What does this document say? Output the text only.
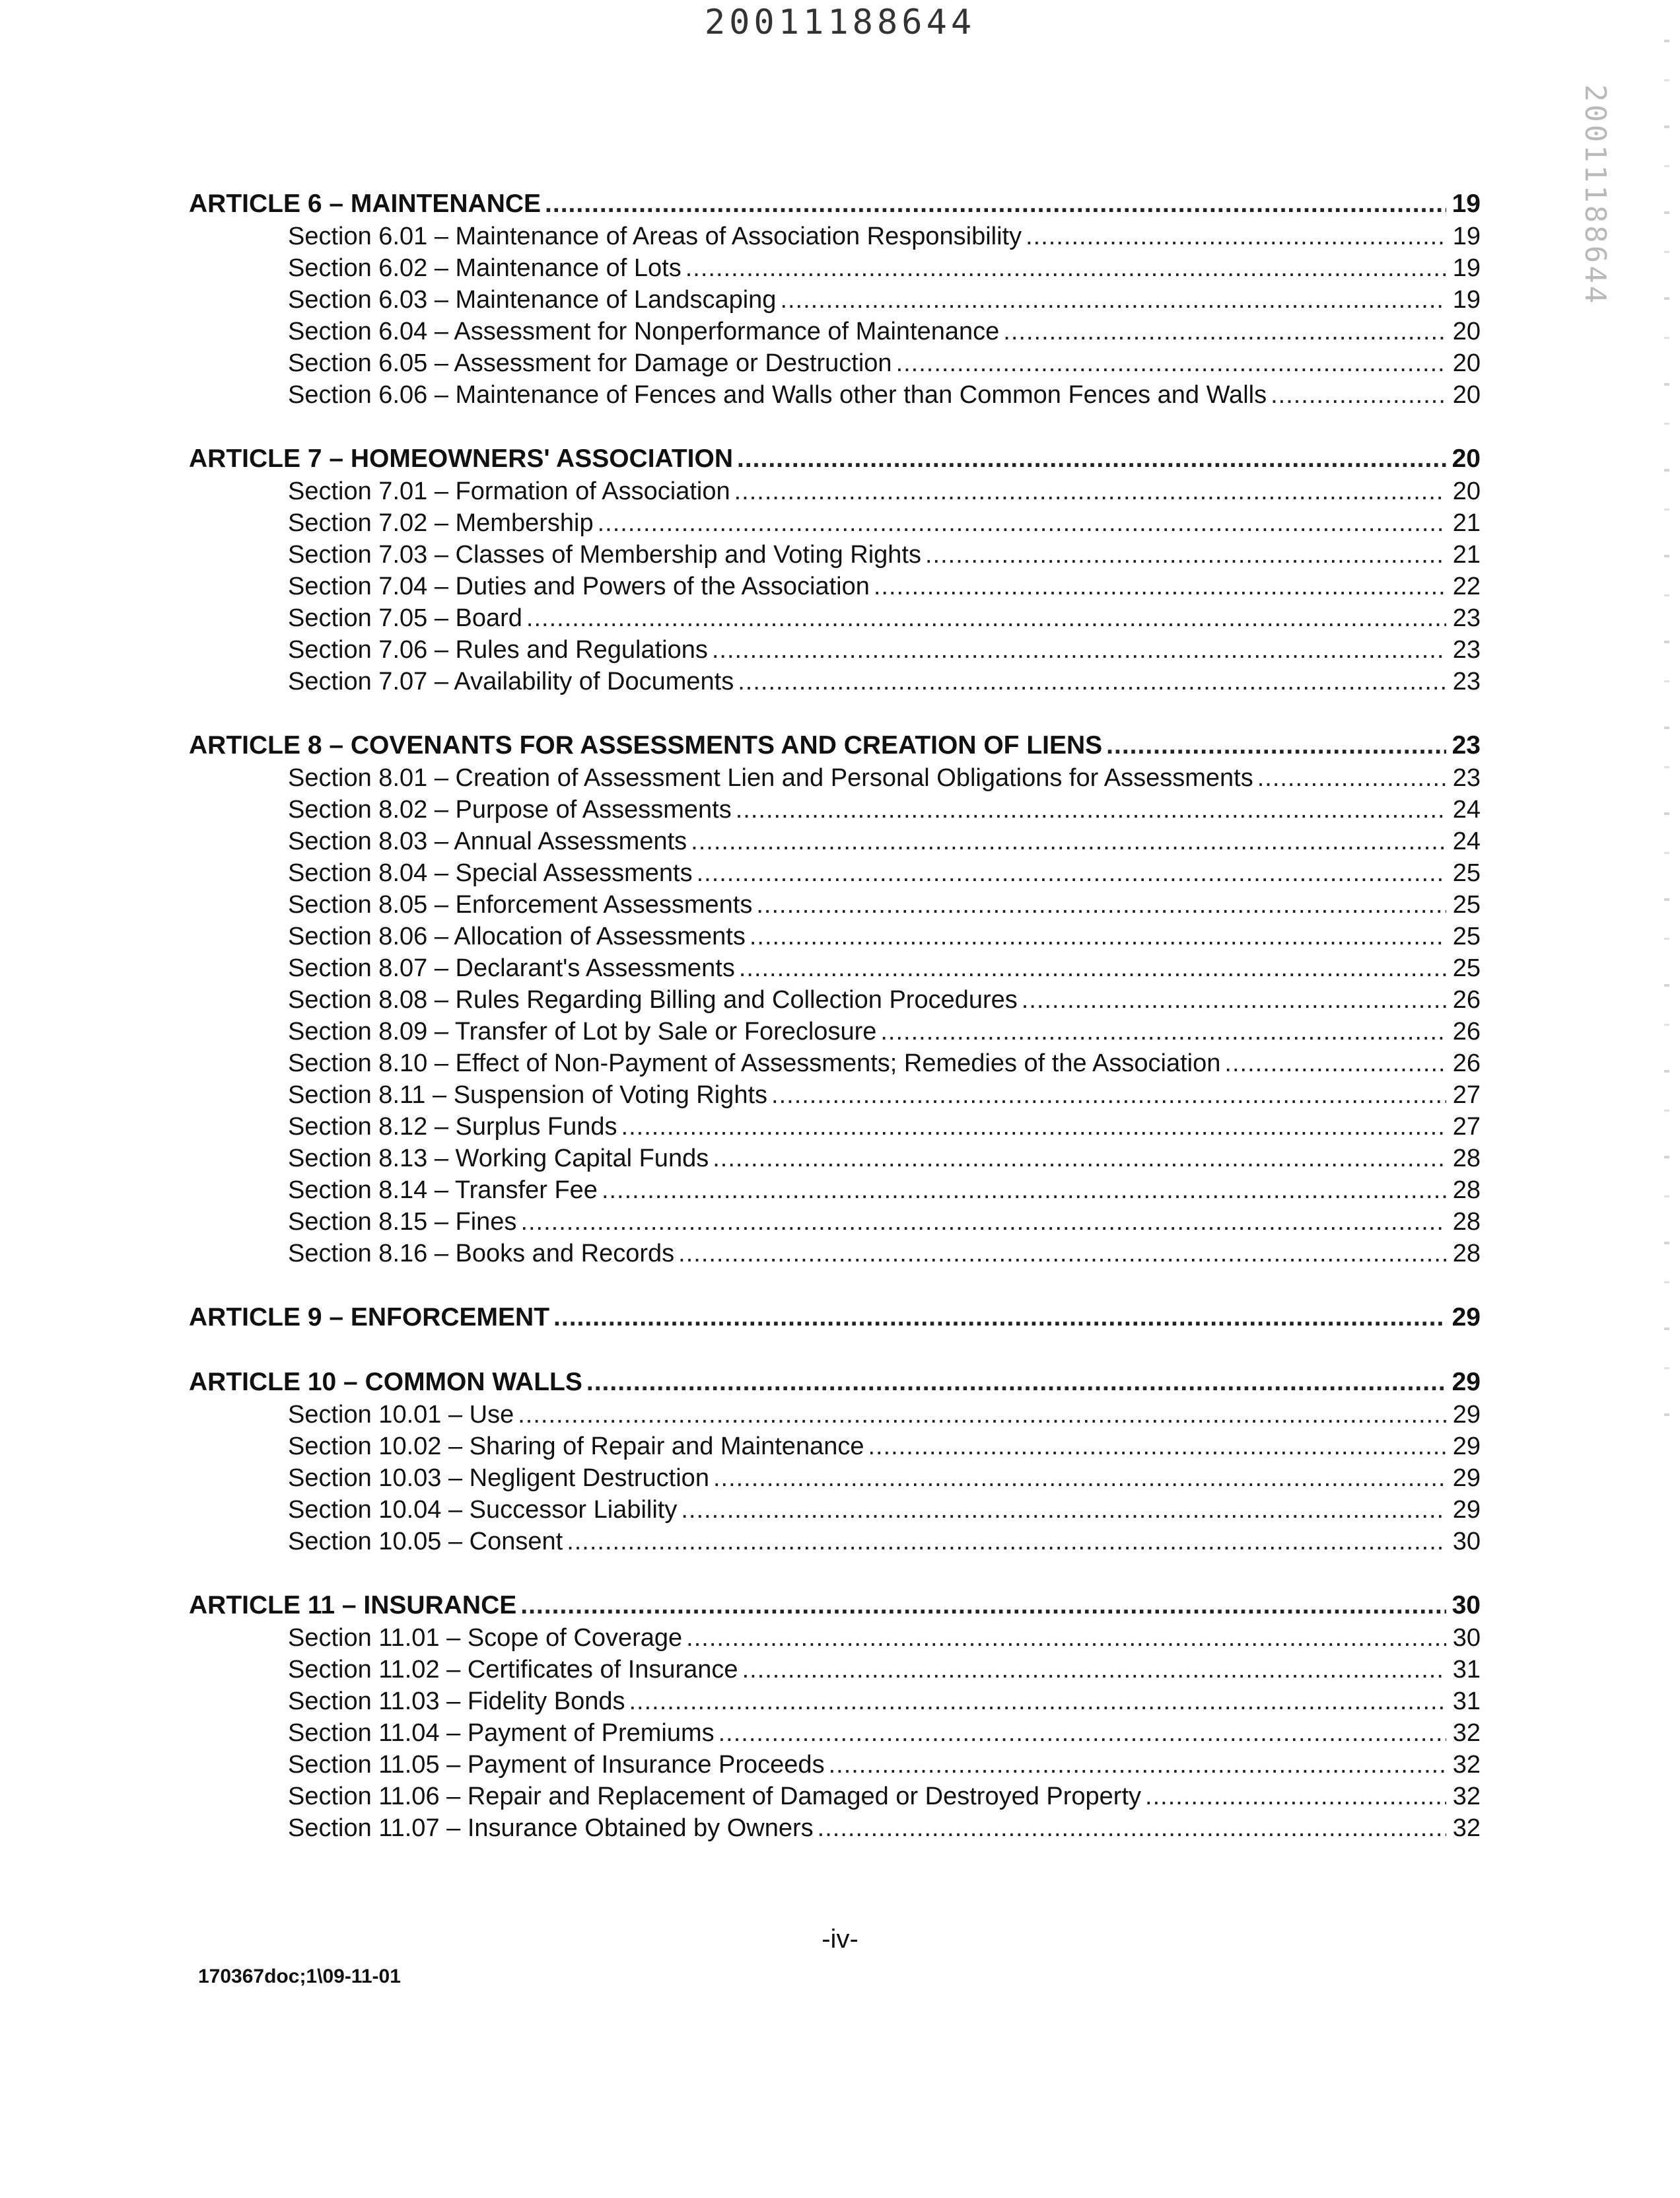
20011188644
20011188644
ARTICLE 6 – MAINTENANCE .....	19
Section 6.01 – Maintenance of Areas of Association Responsibility .....	19
Section 6.02 – Maintenance of Lots .....	19
Section 6.03 – Maintenance of Landscaping .....	19
Section 6.04 – Assessment for Nonperformance of Maintenance .....	20
Section 6.05 – Assessment for Damage or Destruction .....	20
Section 6.06 – Maintenance of Fences and Walls other than Common Fences and Walls .....	20
ARTICLE 7 – HOMEOWNERS' ASSOCIATION .....	20
Section 7.01 – Formation of Association .....	20
Section 7.02 – Membership .....	21
Section 7.03 – Classes of Membership and Voting Rights .....	21
Section 7.04 – Duties and Powers of the Association .....	22
Section 7.05 – Board .....	23
Section 7.06 – Rules and Regulations .....	23
Section 7.07 – Availability of Documents .....	23
ARTICLE 8 – COVENANTS FOR ASSESSMENTS AND CREATION OF LIENS .....	23
Section 8.01 – Creation of Assessment Lien and Personal Obligations for Assessments .....	23
Section 8.02 – Purpose of Assessments .....	24
Section 8.03 – Annual Assessments .....	24
Section 8.04 – Special Assessments .....	25
Section 8.05 – Enforcement Assessments .....	25
Section 8.06 – Allocation of Assessments .....	25
Section 8.07 – Declarant's Assessments .....	25
Section 8.08 – Rules Regarding Billing and Collection Procedures .....	26
Section 8.09 – Transfer of Lot by Sale or Foreclosure .....	26
Section 8.10 – Effect of Non-Payment of Assessments; Remedies of the Association .....	26
Section 8.11 – Suspension of Voting Rights .....	27
Section 8.12 – Surplus Funds .....	27
Section 8.13 – Working Capital Funds .....	28
Section 8.14 – Transfer Fee .....	28
Section 8.15 – Fines .....	28
Section 8.16 – Books and Records .....	28
ARTICLE 9 – ENFORCEMENT .....	29
ARTICLE 10 – COMMON WALLS .....	29
Section 10.01 – Use .....	29
Section 10.02 – Sharing of Repair and Maintenance .....	29
Section 10.03 – Negligent Destruction .....	29
Section 10.04 – Successor Liability .....	29
Section 10.05 – Consent .....	30
ARTICLE 11 – INSURANCE .....	30
Section 11.01 – Scope of Coverage .....	30
Section 11.02 – Certificates of Insurance .....	31
Section 11.03 – Fidelity Bonds .....	31
Section 11.04 – Payment of Premiums .....	32
Section 11.05 – Payment of Insurance Proceeds .....	32
Section 11.06 – Repair and Replacement of Damaged or Destroyed Property .....	32
Section 11.07 – Insurance Obtained by Owners .....	32
-iv-
170367doc;1\09-11-01
